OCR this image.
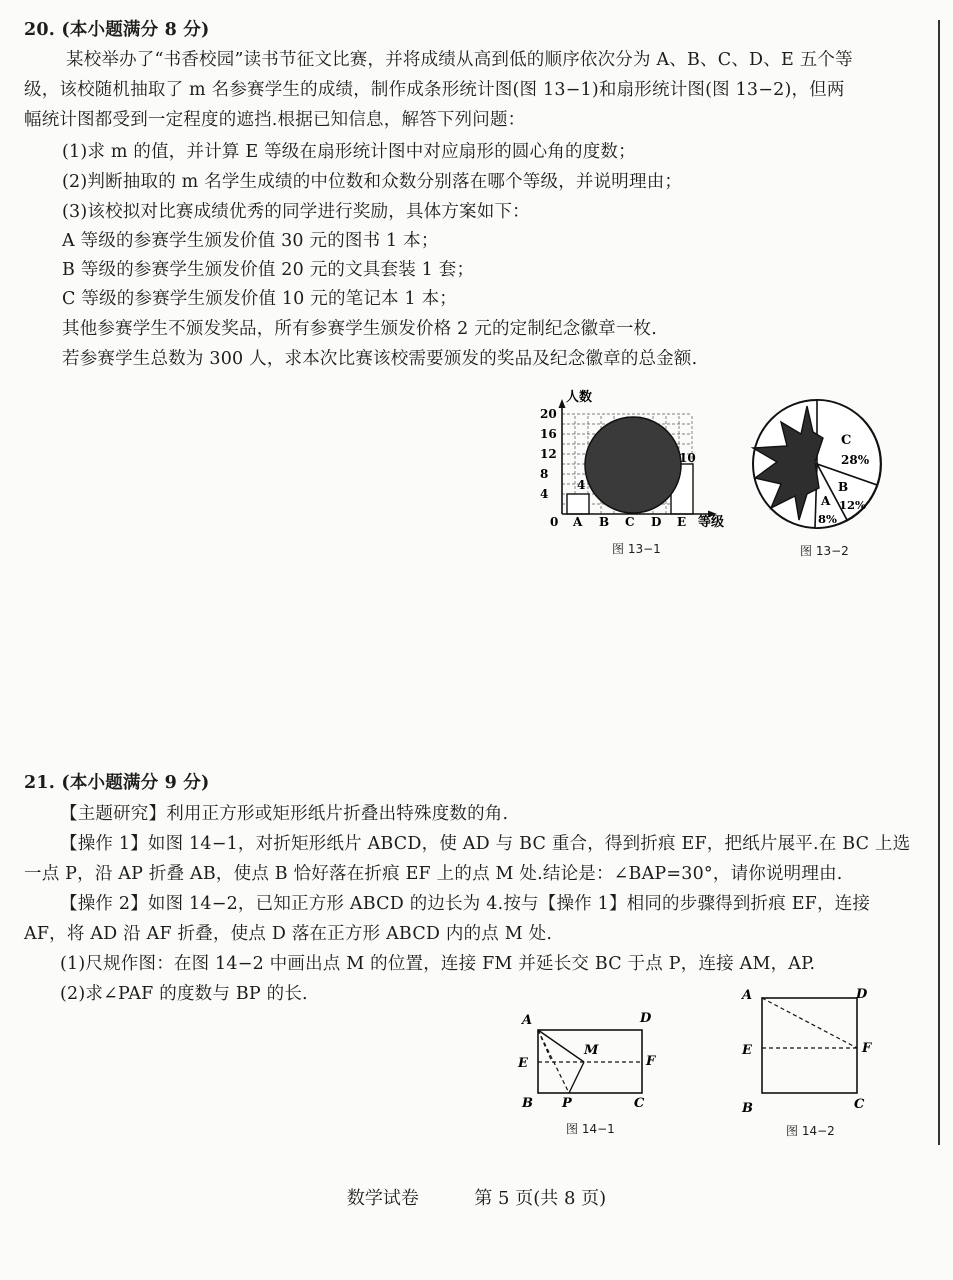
20. (本小题满分 8 分)
某校举办了“书香校园”读书节征文比赛，并将成绩从高到低的顺序依次分为 A、B、C、D、E 五个等
级，该校随机抽取了 m 名参赛学生的成绩，制作成条形统计图(图 13−1)和扇形统计图(图 13−2)，但两
幅统计图都受到一定程度的遮挡.根据已知信息，解答下列问题：
(1)求 m 的值，并计算 E 等级在扇形统计图中对应扇形的圆心角的度数；
(2)判断抽取的 m 名学生成绩的中位数和众数分别落在哪个等级，并说明理由；
(3)该校拟对比赛成绩优秀的同学进行奖励，具体方案如下：
A 等级的参赛学生颁发价值 30 元的图书 1 本；
B 等级的参赛学生颁发价值 20 元的文具套装 1 套；
C 等级的参赛学生颁发价值 10 元的笔记本 1 本；
其他参赛学生不颁发奖品，所有参赛学生颁发价格 2 元的定制纪念徽章一枚.
若参赛学生总数为 300 人，求本次比赛该校需要颁发的奖品及纪念徽章的总金额.
4
8
12
16
20
A B C D E
人数
等级
0
4
10
图 13−1
C
28%
B
12%
A
8%
图 13−2
21. (本小题满分 9 分)
【主题研究】利用正方形或矩形纸片折叠出特殊度数的角.
【操作 1】如图 14−1，对折矩形纸片 ABCD，使 AD 与 BC 重合，得到折痕 EF，把纸片展平.在 BC 上选
一点 P，沿 AP 折叠 AB，使点 B 恰好落在折痕 EF 上的点 M 处.结论是：∠BAP=30°，请你说明理由.
【操作 2】如图 14−2，已知正方形 ABCD 的边长为 4.按与【操作 1】相同的步骤得到折痕 EF，连接
AF，将 AD 沿 AF 折叠，使点 D 落在正方形 ABCD 内的点 M 处.
(1)尺规作图：在图 14−2 中画出点 M 的位置，连接 FM 并延长交 BC 于点 P，连接 AM，AP.
(2)求∠PAF 的度数与 BP 的长.
A	D
E	F
M
B P	C
图 14−1
A	D
E	F
B	C
图 14−2
数学试卷	第 5 页(共 8 页)
